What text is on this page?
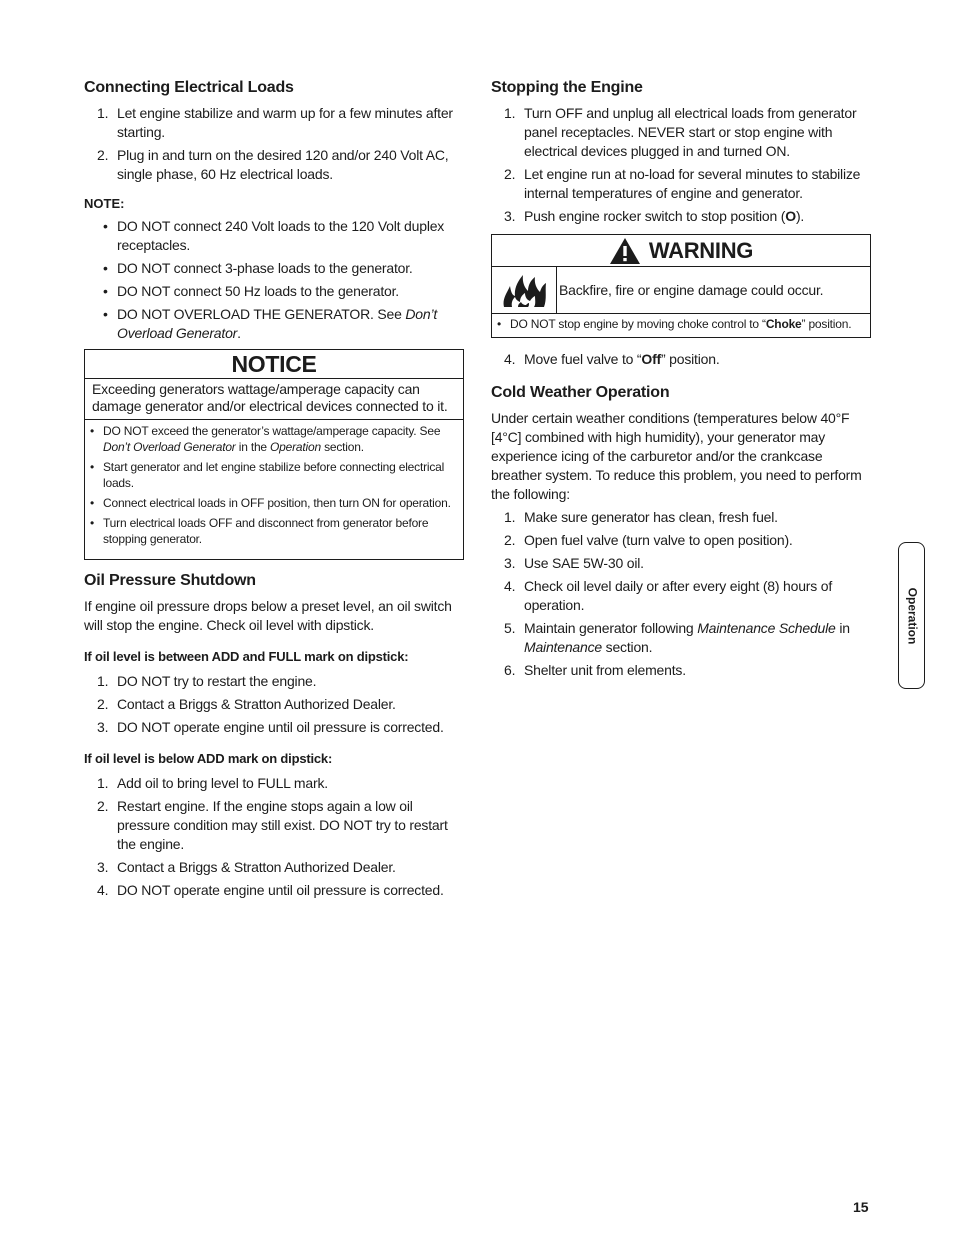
Connecting Electrical Loads
1. Let engine stabilize and warm up for a few minutes after starting.
2. Plug in and turn on the desired 120 and/or 240 Volt AC, single phase, 60 Hz electrical loads.
NOTE:
• DO NOT connect 240 Volt loads to the 120 Volt duplex receptacles.
• DO NOT connect 3-phase loads to the generator.
• DO NOT connect 50 Hz loads to the generator.
• DO NOT OVERLOAD THE GENERATOR. See Don’t Overload Generator.
NOTICE
Exceeding generators wattage/amperage capacity can damage generator and/or electrical devices connected to it.
• DO NOT exceed the generator’s wattage/amperage capacity. See Don’t Overload Generator in the Operation section.
• Start generator and let engine stabilize before connecting electrical loads.
• Connect electrical loads in OFF position, then turn ON for operation.
• Turn electrical loads OFF and disconnect from generator before stopping generator.
Oil Pressure Shutdown

If engine oil pressure drops below a preset level, an oil switch will stop the engine. Check oil level with dipstick.

If oil level is between ADD and FULL mark on dipstick:
1. DO NOT try to restart the engine.
2. Contact a Briggs & Stratton Authorized Dealer.
3. DO NOT operate engine until oil pressure is corrected.
If oil level is below ADD mark on dipstick:
1. Add oil to bring level to FULL mark.
2. Restart engine. If the engine stops again a low oil pressure condition may still exist. DO NOT try to restart the engine.
3. Contact a Briggs & Stratton Authorized Dealer.
4. DO NOT operate engine until oil pressure is corrected.
Stopping the Engine
1. Turn OFF and unplug all electrical loads from generator panel receptacles. NEVER start or stop engine with electrical devices plugged in and turned ON.
2. Let engine run at no-load for several minutes to stabilize internal temperatures of engine and generator.
3. Push engine rocker switch to stop position (O).
WARNING
Backfire, fire or engine damage could occur.
• DO NOT stop engine by moving choke control to “Choke” position.
4. Move fuel valve to “Off” position.
Cold Weather Operation

Under certain weather conditions (temperatures below 40°F [4°C] combined with high humidity), your generator may experience icing of the carburetor and/or the crankcase breather system. To reduce this problem, you need to perform the following:

1. Make sure generator has clean, fresh fuel.
2. Open fuel valve (turn valve to open position).
3. Use SAE 5W-30 oil.
4. Check oil level daily or after every eight (8) hours of operation.
5. Maintain generator following Maintenance Schedule in Maintenance section.
6. Shelter unit from elements.
Operation
15
